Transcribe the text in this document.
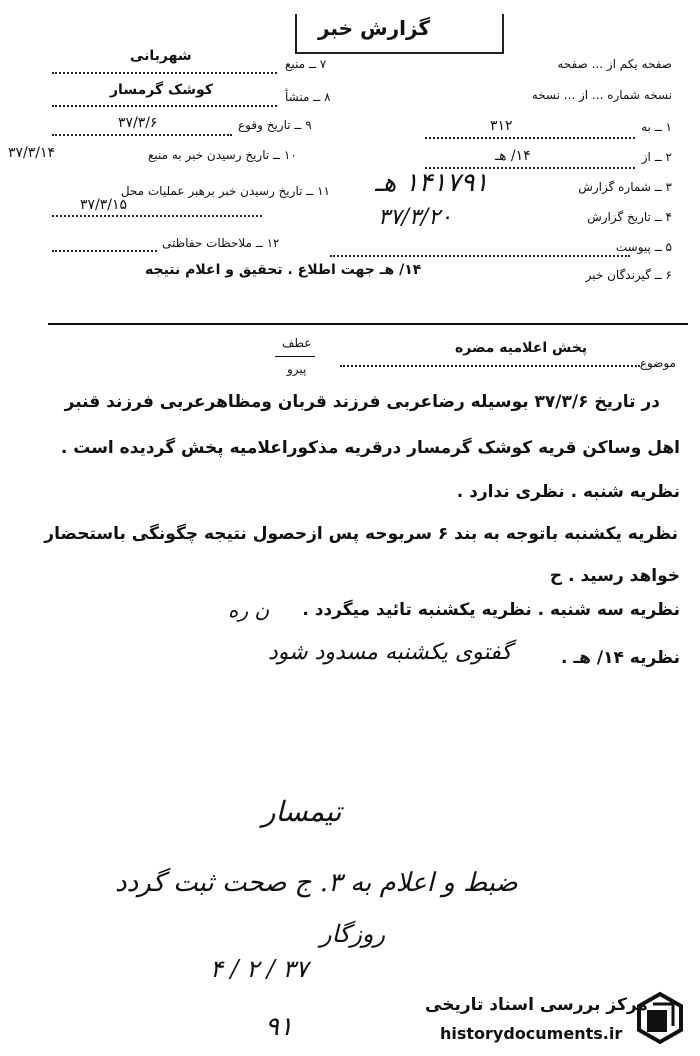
گزارش خبر
صفحه یکم از ... صفحه
نسخه شماره ... از ... نسخه
۱ ــ به
۳۱۲
۲ ــ از
۱۴/ هـ
۳ ــ شماره گزارش
۱۴۱۷۹۱ هـ
۴ ــ تاریخ گزارش
۳۷/۳/۲۰
۵ ــ پیوست
۶ ــ گیرندگان خبر
۱۴/ هـ جهت اطلاع . تحقیق و اعلام نتیجه
۷ ــ منبع
شهربانی
۸ ــ منشأ
کوشک گرمسار
۹ ــ تاریخ وقوع
۳۷/۳/۶
۱۰ ــ تاریخ رسیدن خبر به منبع
۳۷/۳/۱۴
۱۱ ــ تاریخ رسیدن خبر برهبر عملیات محل
۳۷/۳/۱۵
۱۲ ــ ملاحظات حفاظتی
عطف
پیرو	موضوع
پخش اعلامیه مضره
در تاریخ ۳۷/۳/۶ بوسیله رضاعربی فرزند قربان ومظاهرعربی فرزند قنبر
اهل وساکن قریه کوشک گرمسار درقریه مذکوراعلامیه پخش گردیده است .
نظریه شنبه . نظری ندارد .
نظریه یکشنبه باتوجه به بند ۶ سربوحه پس ازحصول نتیجه چگونگی باستحضار
خواهد رسید . ح
نظریه سه شنبه . نظریه یکشنبه تائید میگردد .
ن ره
نظریه ۱۴/ هـ .
گفتوی یکشنبه مسدود شود
تیمسار
ضبط و اعلام به ۳. ج صحت ثبت گردد
روزگار
۴ / ۲ / ۳۷
۹۱
مرکز بررسی اسناد تاریخی
historydocuments.ir
